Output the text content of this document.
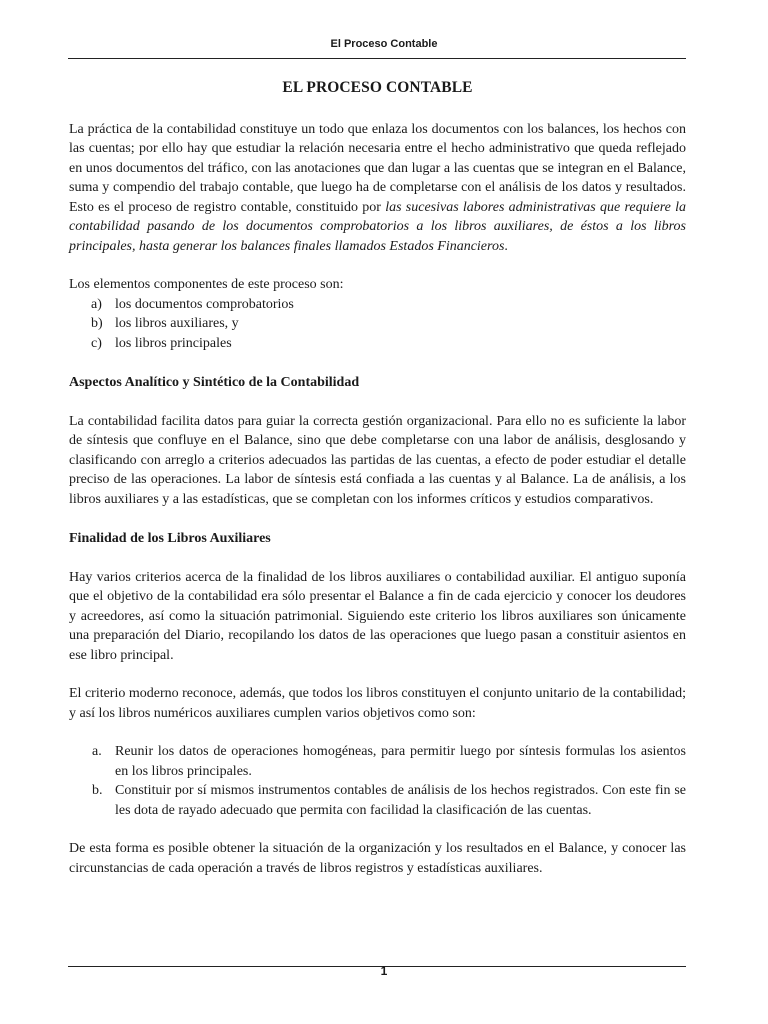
El Proceso Contable
EL PROCESO CONTABLE

La práctica de la contabilidad constituye un todo que enlaza los documentos con los balances, los hechos con las cuentas; por ello hay que estudiar la relación necesaria entre el hecho administrativo que queda reflejado en unos documentos del tráfico, con las anotaciones que dan lugar a las cuentas que se integran en el Balance, suma y compendio del trabajo contable, que luego ha de completarse con el análisis de los datos y resultados. Esto es el proceso de registro contable, constituido por las sucesivas labores administrativas que requiere la contabilidad pasando de los documentos comprobatorios a los libros auxiliares, de éstos a los libros principales, hasta generar los balances finales llamados Estados Financieros.

Los elementos componentes de este proceso son:

a) los documentos comprobatorios
b) los libros auxiliares, y
c) los libros principales
Aspectos Analítico y Sintético de la Contabilidad

La contabilidad facilita datos para guiar la correcta gestión organizacional. Para ello no es suficiente la labor de síntesis que confluye en el Balance, sino que debe completarse con una labor de análisis, desglosando y clasificando con arreglo a criterios adecuados las partidas de las cuentas, a efecto de poder estudiar el detalle preciso de las operaciones. La labor de síntesis está confiada a las cuentas y al Balance. La de análisis, a los libros auxiliares y a las estadísticas, que se completan con los informes críticos y estudios comparativos.

Finalidad de los Libros Auxiliares

Hay varios criterios acerca de la finalidad de los libros auxiliares o contabilidad auxiliar. El antiguo suponía que el objetivo de la contabilidad era sólo presentar el Balance a fin de cada ejercicio y conocer los deudores y acreedores, así como la situación patrimonial. Siguiendo este criterio los libros auxiliares son únicamente una preparación del Diario, recopilando los datos de las operaciones que luego pasan a constituir asientos en ese libro principal.

El criterio moderno reconoce, además, que todos los libros constituyen el conjunto unitario de la contabilidad; y así los libros numéricos auxiliares cumplen varios objetivos como son:

a. Reunir los datos de operaciones homogéneas, para permitir luego por síntesis formulas los asientos en los libros principales.
b. Constituir por sí mismos instrumentos contables de análisis de los hechos registrados. Con este fin se les dota de rayado adecuado que permita con facilidad la clasificación de las cuentas.

De esta forma es posible obtener la situación de la organización y los resultados en el Balance, y conocer las circunstancias de cada operación a través de libros registros y estadísticas auxiliares.

1
